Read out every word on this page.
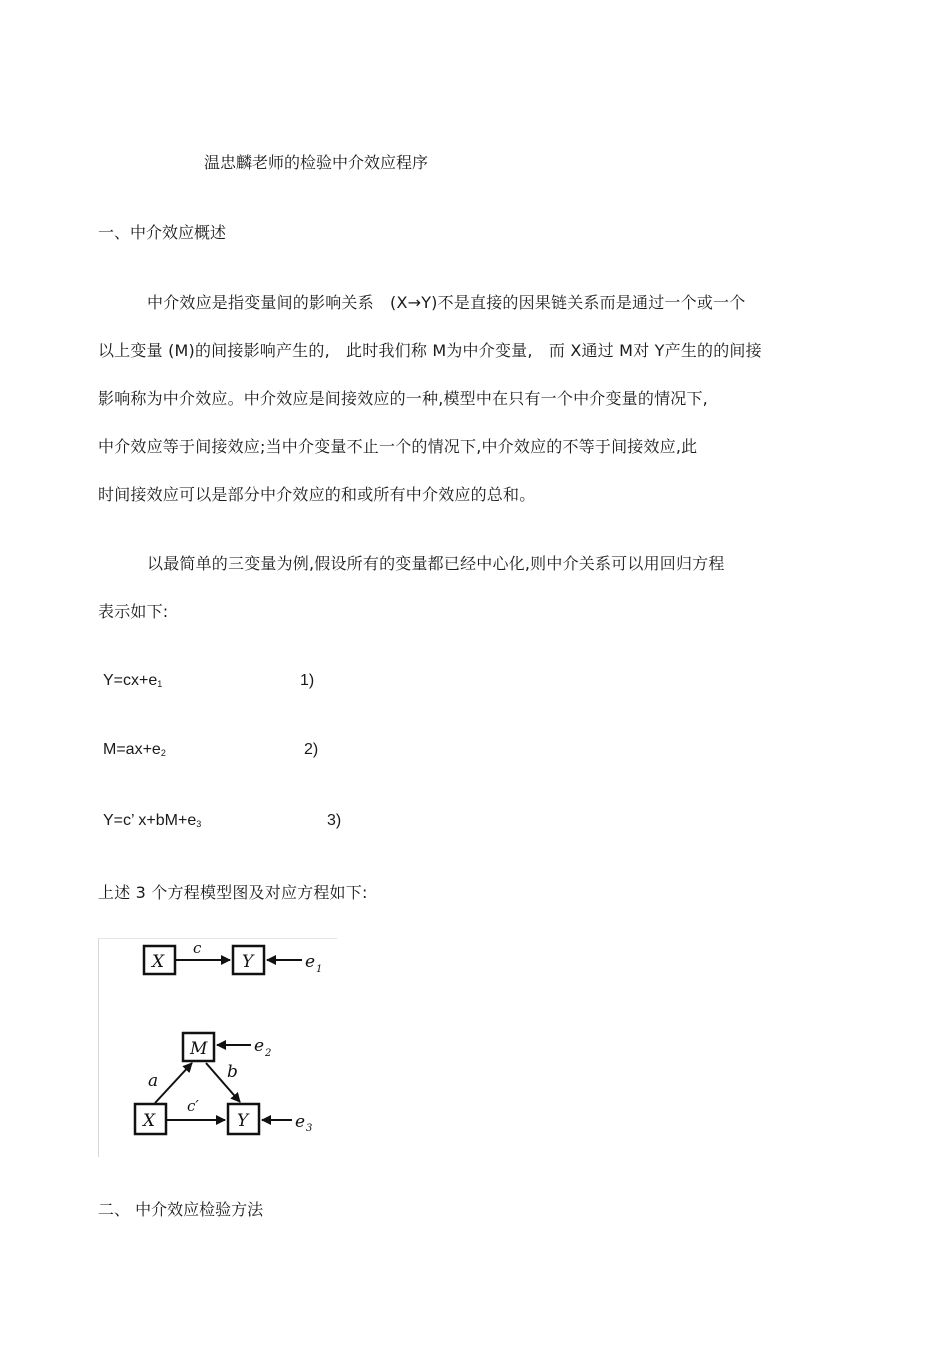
温忠麟老师的检验中介效应程序
一、中介效应概述
中介效应是指变量间的影响关系　(X→Y)不是直接的因果链关系而是通过一个或一个
以上变量 (M)的间接影响产生的,　此时我们称 M为中介变量,　而 X通过 M对 Y产生的的间接
影响称为中介效应。中介效应是间接效应的一种,模型中在只有一个中介变量的情况下,
中介效应等于间接效应;当中介变量不止一个的情况下,中介效应的不等于间接效应,此
时间接效应可以是部分中介效应的和或所有中介效应的总和。
以最简单的三变量为例,假设所有的变量都已经中心化,则中介关系可以用回归方程
表示如下:
$Y=cx+e_1$	1)
$M=ax+e_2$	2)
Y=c’ $x+bM+e_3$	3)
上述 3 个方程模型图及对应方程如下:
X
c
Y	e 1
M	e 2
X	Y
a	b
c′
e 3
二、 中介效应检验方法
